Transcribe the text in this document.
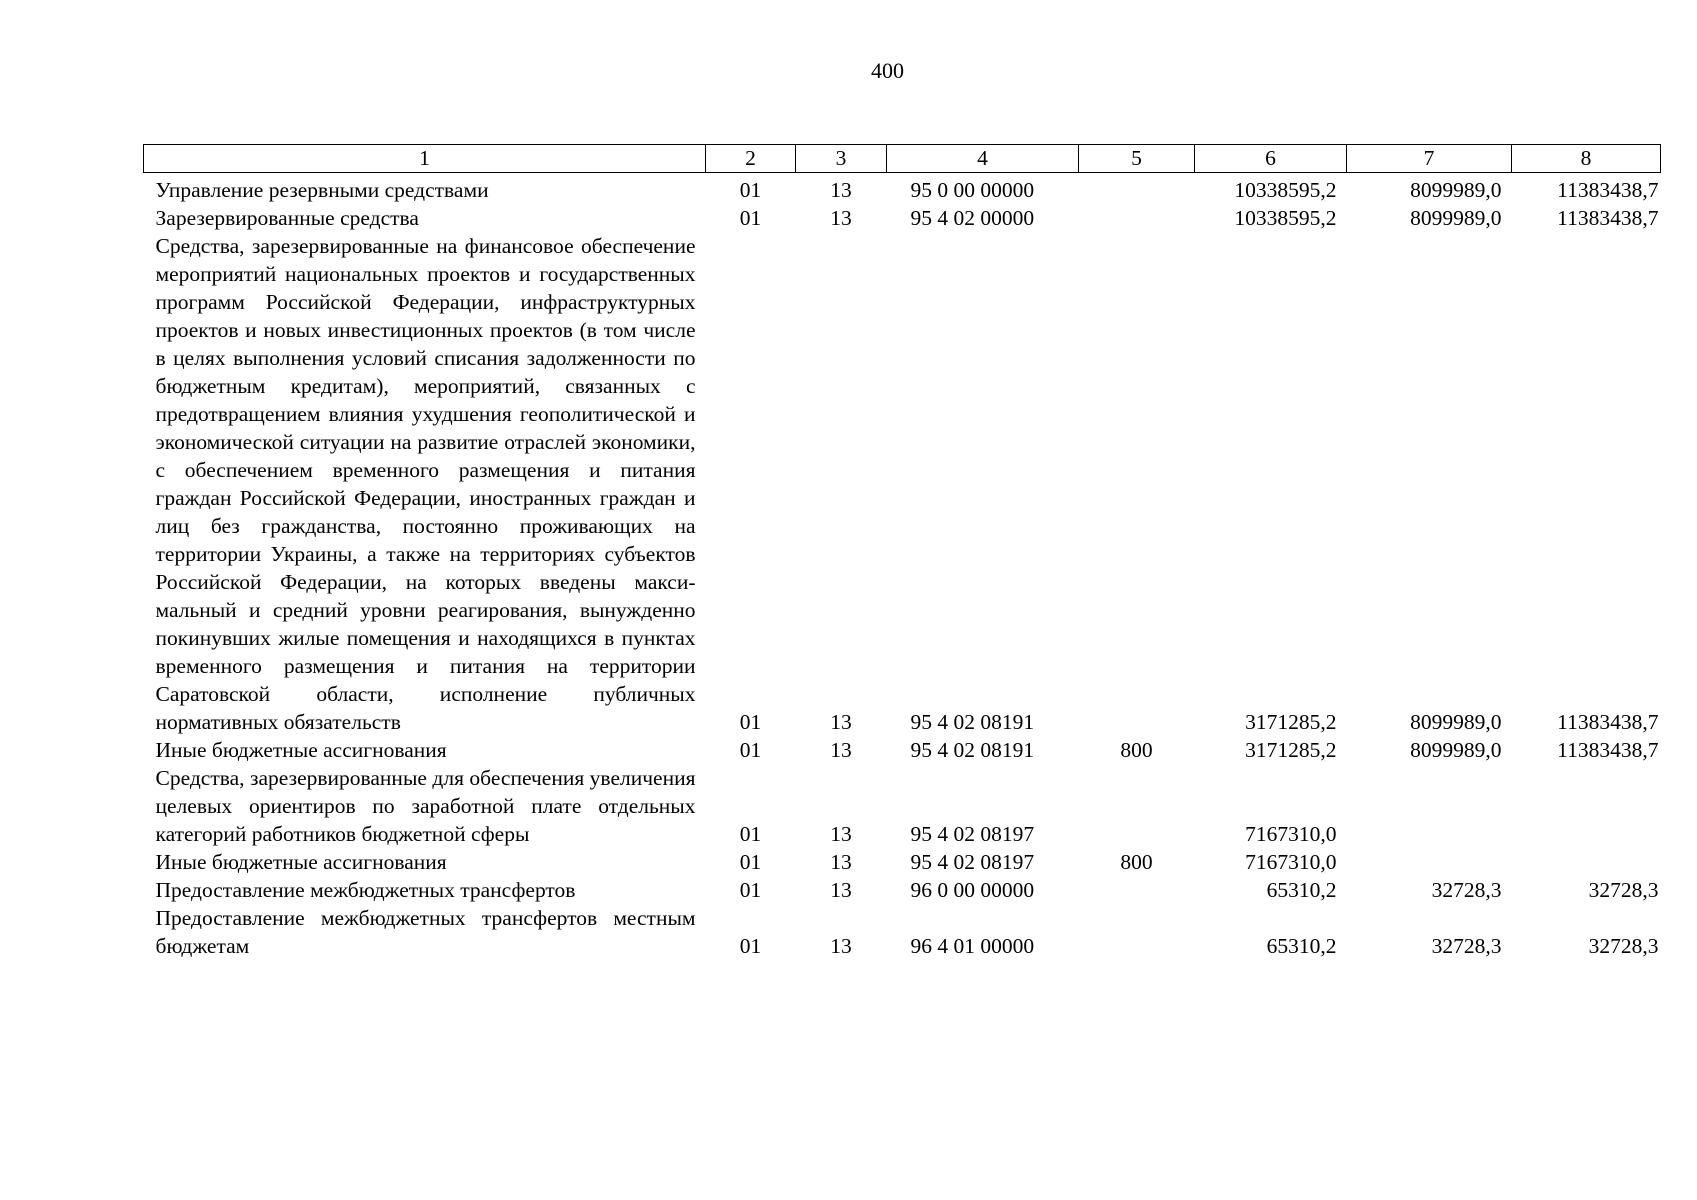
400
1	2	3	4	5	6	7	8
Управление резервными средствами	01	13	95 0 00 00000		10338595,2	8099989,0	11383438,7
Зарезервированные средства	01	13	95 4 02 00000		10338595,2	8099989,0	11383438,7
Средства, зарезервированные на финансовое обеспечение мероприятий национальных проектов и государственных программ Российской Федерации, инфраструктурных проектов и новых инвестиционных проектов (в том числе в целях выполнения условий списания задолженности по бюджетным кредитам), мероприятий, связанных с предотвращением влияния ухудшения геополитической и экономической ситуации на развитие отраслей экономики, с обеспечением временного размещения и питания граждан Российской Федерации, иностранных граждан и лиц без гражданства, постоянно проживающих на территории Украины, а также на территориях субъектов Российской Федерации, на которых введены максимальный и средний уровни реагирования, вынужденно покинувших жилые помещения и находящихся в пунктах временного размещения и питания на территории Саратовской области, исполнение публичных нормативных обязательств	01	13	95 4 02 08191		3171285,2	8099989,0	11383438,7
Иные бюджетные ассигнования	01	13	95 4 02 08191	800	3171285,2	8099989,0	11383438,7
Средства, зарезервированные для обеспечения увеличения целевых ориентиров по заработной плате отдельных категорий работников бюджетной сферы	01	13	95 4 02 08197		7167310,0		
Иные бюджетные ассигнования	01	13	95 4 02 08197	800	7167310,0		
Предоставление межбюджетных трансфертов	01	13	96 0 00 00000		65310,2	32728,3	32728,3
Предоставление межбюджетных трансфертов местным бюджетам	01	13	96 4 01 00000		65310,2	32728,3	32728,3
